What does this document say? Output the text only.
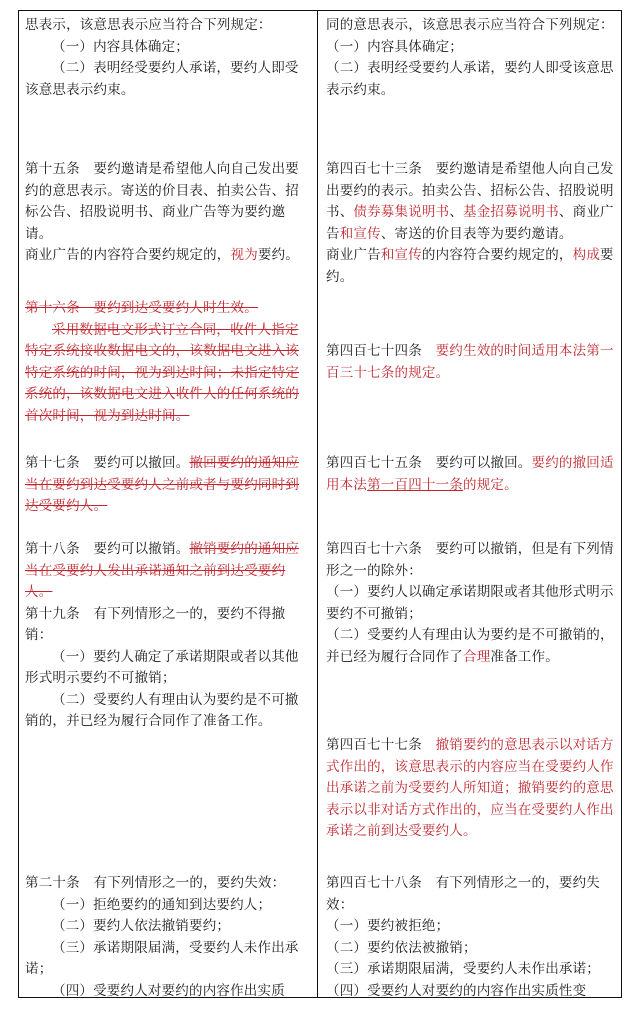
思表示，该意思表示应当符合下列规定：

（一）内容具体确定；

（二）表明经受要约人承诺，要约人即受该意思表示约束。

第十五条　要约邀请是希望他人向自己发出要约的意思表示。寄送的价目表、拍卖公告、招标公告、招股说明书、商业广告等为要约邀请。

商业广告的内容符合要约规定的，视为要约。

第十六条　要约到达受要约人时生效。

采用数据电文形式订立合同，收件人指定特定系统接收数据电文的，该数据电文进入该特定系统的时间，视为到达时间；未指定特定系统的，该数据电文进入收件人的任何系统的首次时间，视为到达时间。

第十七条　要约可以撤回。撤回要约的通知应当在要约到达受要约人之前或者与要约同时到达受要约人。

第十八条　要约可以撤销。撤销要约的通知应当在受要约人发出承诺通知之前到达受要约人。

第十九条　有下列情形之一的，要约不得撤销：

（一）要约人确定了承诺期限或者以其他形式明示要约不可撤销；

（二）受要约人有理由认为要约是不可撤销的，并已经为履行合同作了准备工作。

第二十条　有下列情形之一的，要约失效：

（一）拒绝要约的通知到达要约人；

（二）要约人依法撤销要约；

（三）承诺期限届满，受要约人未作出承诺；

（四）受要约人对要约的内容作出实质

同的意思表示，该意思表示应当符合下列规定：

（一）内容具体确定；

（二）表明经受要约人承诺，要约人即受该意思表示约束。

第四百七十三条　要约邀请是希望他人向自己发出要约的表示。拍卖公告、招标公告、招股说明书、债券募集说明书、基金招募说明书、商业广告和宣传、寄送的价目表等为要约邀请。

商业广告和宣传的内容符合要约规定的，构成要约。

第四百七十四条　要约生效的时间适用本法第一百三十七条的规定。

第四百七十五条　要约可以撤回。要约的撤回适用本法第一百四十一条的规定。

第四百七十六条　要约可以撤销，但是有下列情形之一的除外：

（一）要约人以确定承诺期限或者其他形式明示要约不可撤销；

（二）受要约人有理由认为要约是不可撤销的，并已经为履行合同作了合理准备工作。

第四百七十七条　撤销要约的意思表示以对话方式作出的，该意思表示的内容应当在受要约人作出承诺之前为受要约人所知道；撤销要约的意思表示以非对话方式作出的，应当在受要约人作出承诺之前到达受要约人。

第四百七十八条　有下列情形之一的，要约失效：

（一）要约被拒绝；

（二）要约依法被撤销；

（三）承诺期限届满，受要约人未作出承诺；

（四）受要约人对要约的内容作出实质性变
